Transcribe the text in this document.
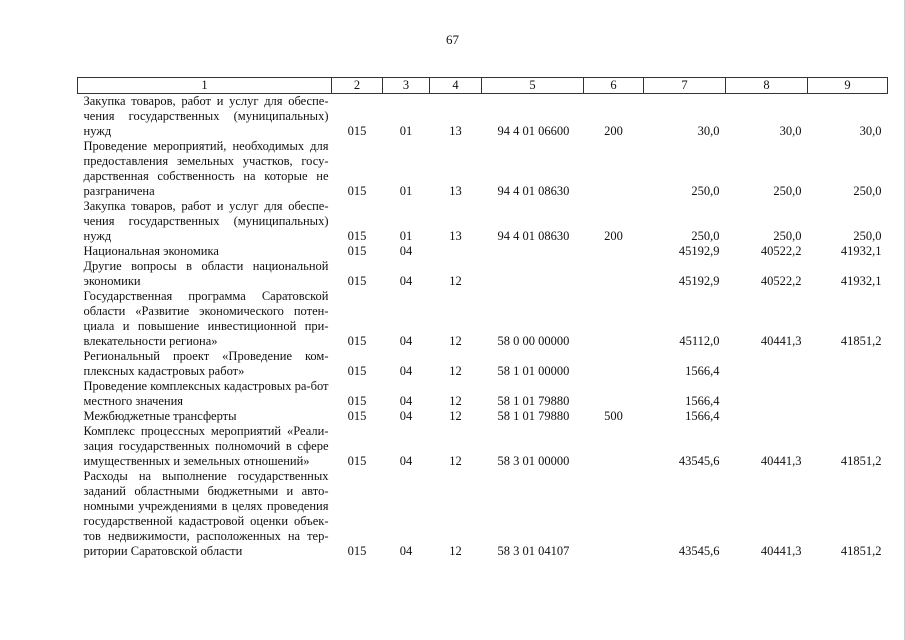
67
1	2	3	4	5	6	7	8	9
Закупка товаров, работ и услуг для обеспе-чения государственных (муниципальных) нужд	015	01	13	94 4 01 06600	200	30,0	30,0	30,0
Проведение мероприятий, необходимых для предоставления земельных участков, госу-дарственная собственность на которые не разграничена	015	01	13	94 4 01 08630		250,0	250,0	250,0
Закупка товаров, работ и услуг для обеспе-чения государственных (муниципальных) нужд	015	01	13	94 4 01 08630	200	250,0	250,0	250,0
Национальная экономика	015	04				45192,9	40522,2	41932,1
Другие вопросы в области национальной экономики	015	04	12			45192,9	40522,2	41932,1
Государственная программа Саратовской области «Развитие экономического потен-циала и повышение инвестиционной при-влекательности региона»	015	04	12	58 0 00 00000		45112,0	40441,3	41851,2
Региональный проект «Проведение ком-плексных кадастровых работ»	015	04	12	58 1 01 00000		1566,4		
Проведение комплексных кадастровых ра-бот местного значения	015	04	12	58 1 01 79880		1566,4		
Межбюджетные трансферты	015	04	12	58 1 01 79880	500	1566,4		
Комплекс процессных мероприятий «Реали-зация государственных полномочий в сфере имущественных и земельных отношений»	015	04	12	58 3 01 00000		43545,6	40441,3	41851,2
Расходы на выполнение государственных заданий областными бюджетными и авто-номными учреждениями в целях проведения государственной кадастровой оценки объек-тов недвижимости, расположенных на тер-ритории Саратовской области	015	04	12	58 3 01 04107		43545,6	40441,3	41851,2
